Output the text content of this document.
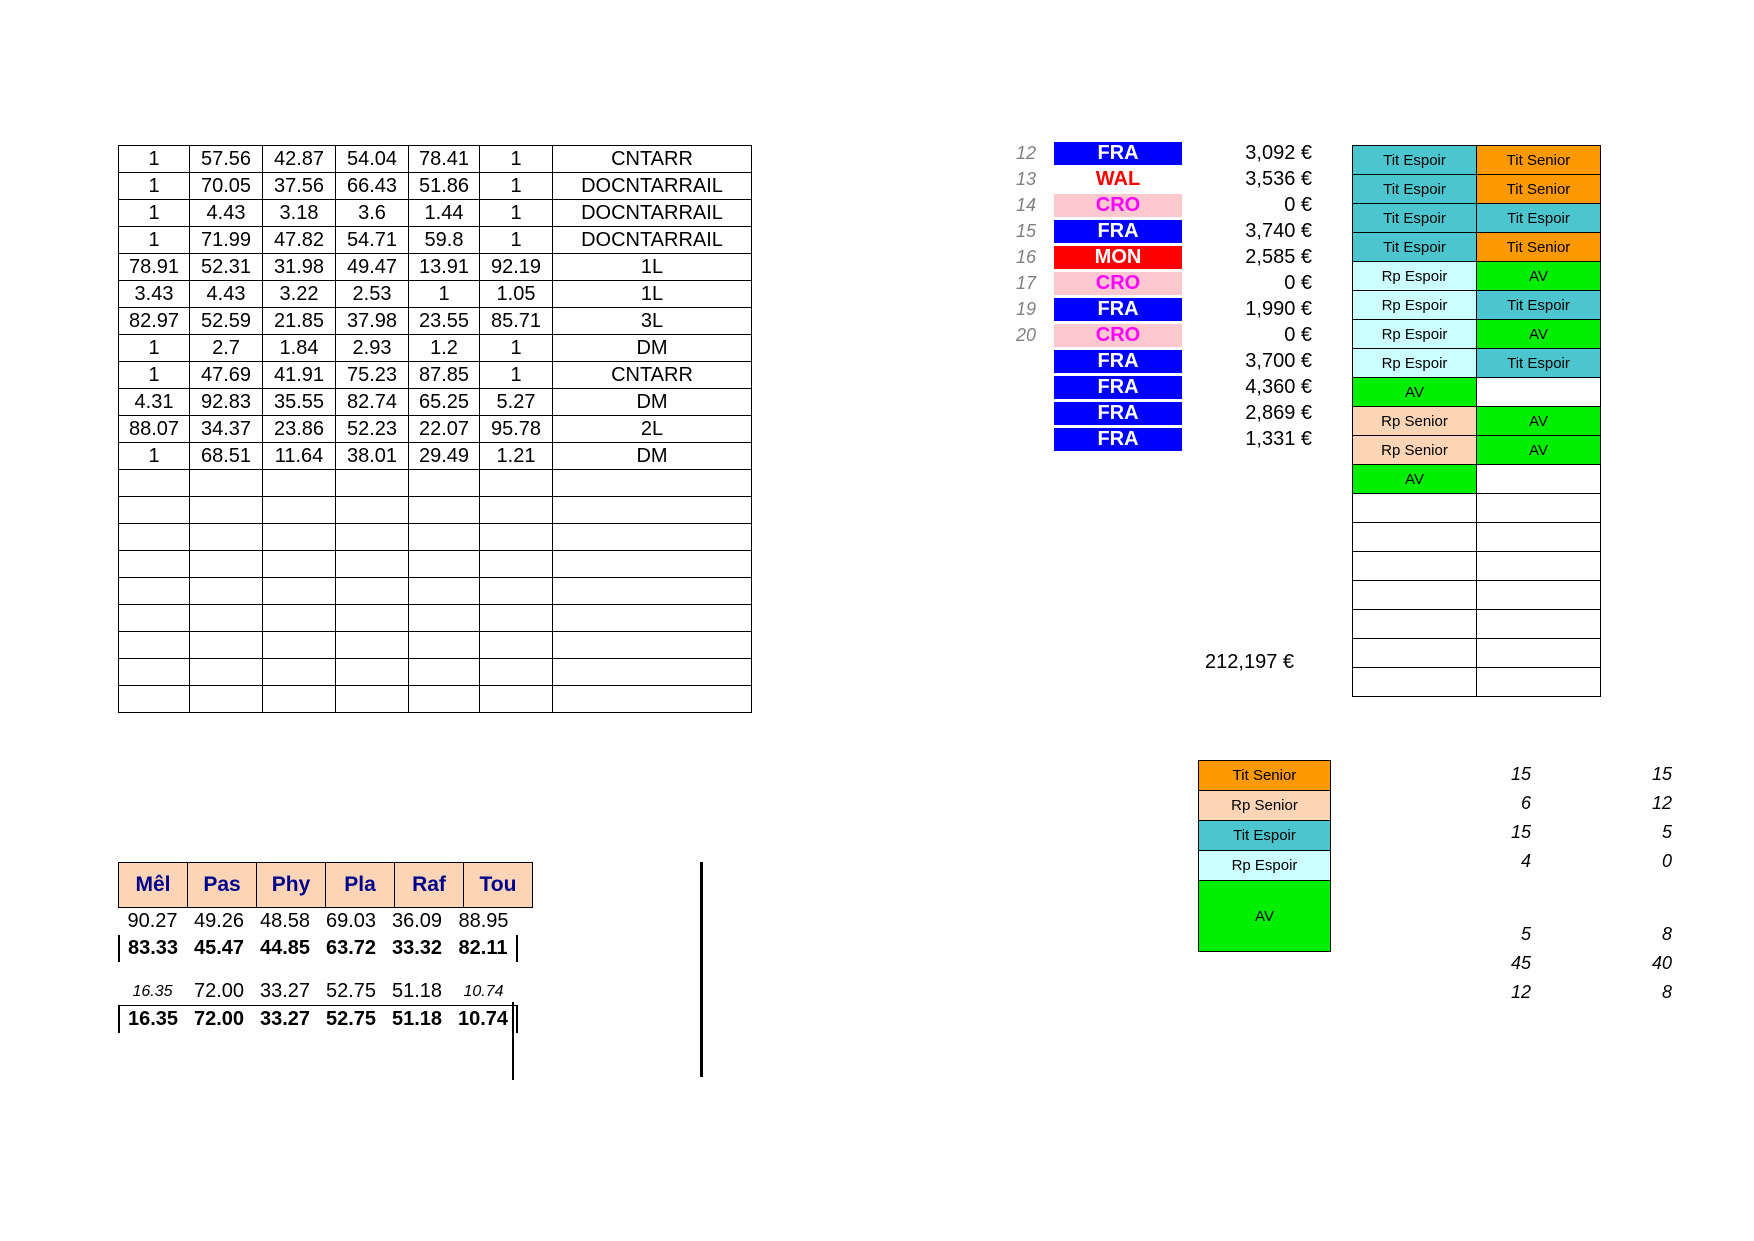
1	57.56	42.87	54.04	78.41	1	CNTARR
1	70.05	37.56	66.43	51.86	1	DOCNTARRAIL
1	4.43	3.18	3.6	1.44	1	DOCNTARRAIL
1	71.99	47.82	54.71	59.8	1	DOCNTARRAIL
78.91	52.31	31.98	49.47	13.91	92.19	1L
3.43	4.43	3.22	2.53	1	1.05	1L
82.97	52.59	21.85	37.98	23.55	85.71	3L
1	2.7	1.84	2.93	1.2	1	DM
1	47.69	41.91	75.23	87.85	1	CNTARR
4.31	92.83	35.55	82.74	65.25	5.27	DM
88.07	34.37	23.86	52.23	22.07	95.78	2L
1	68.51	11.64	38.01	29.49	1.21	DM

Mêl	Pas	Phy	Pla	Raf	Tou
90.27	49.26	48.58	69.03	36.09	88.95
83.33	45.47	44.85	63.72	33.32	82.11

16.35	72.00	33.27	52.75	51.18	10.74
16.35	72.00	33.27	52.75	51.18	10.74
12	FRA	3,092 €
13	WAL	3,536 €
14	CRO	0 €
15	FRA	3,740 €
16	MON	2,585 €
17	CRO	0 €
19	FRA	1,990 €
20	CRO	0 €
FRA	3,700 €
FRA	4,360 €
FRA	2,869 €
FRA	1,331 €
212,197 €
Tit Espoir	Tit Senior
Tit Espoir	Tit Senior
Tit Espoir	Tit Espoir
Tit Espoir	Tit Senior
Rp Espoir	AV
Rp Espoir	Tit Espoir
Rp Espoir	AV
Rp Espoir	Tit Espoir
AV	
Rp Senior	AV
Rp Senior	AV
AV	

Tit Senior
Rp Senior
Tit Espoir
Rp Espoir
AV
15	15
6	12
15	5
4	0
5	8
45	40
12	8
